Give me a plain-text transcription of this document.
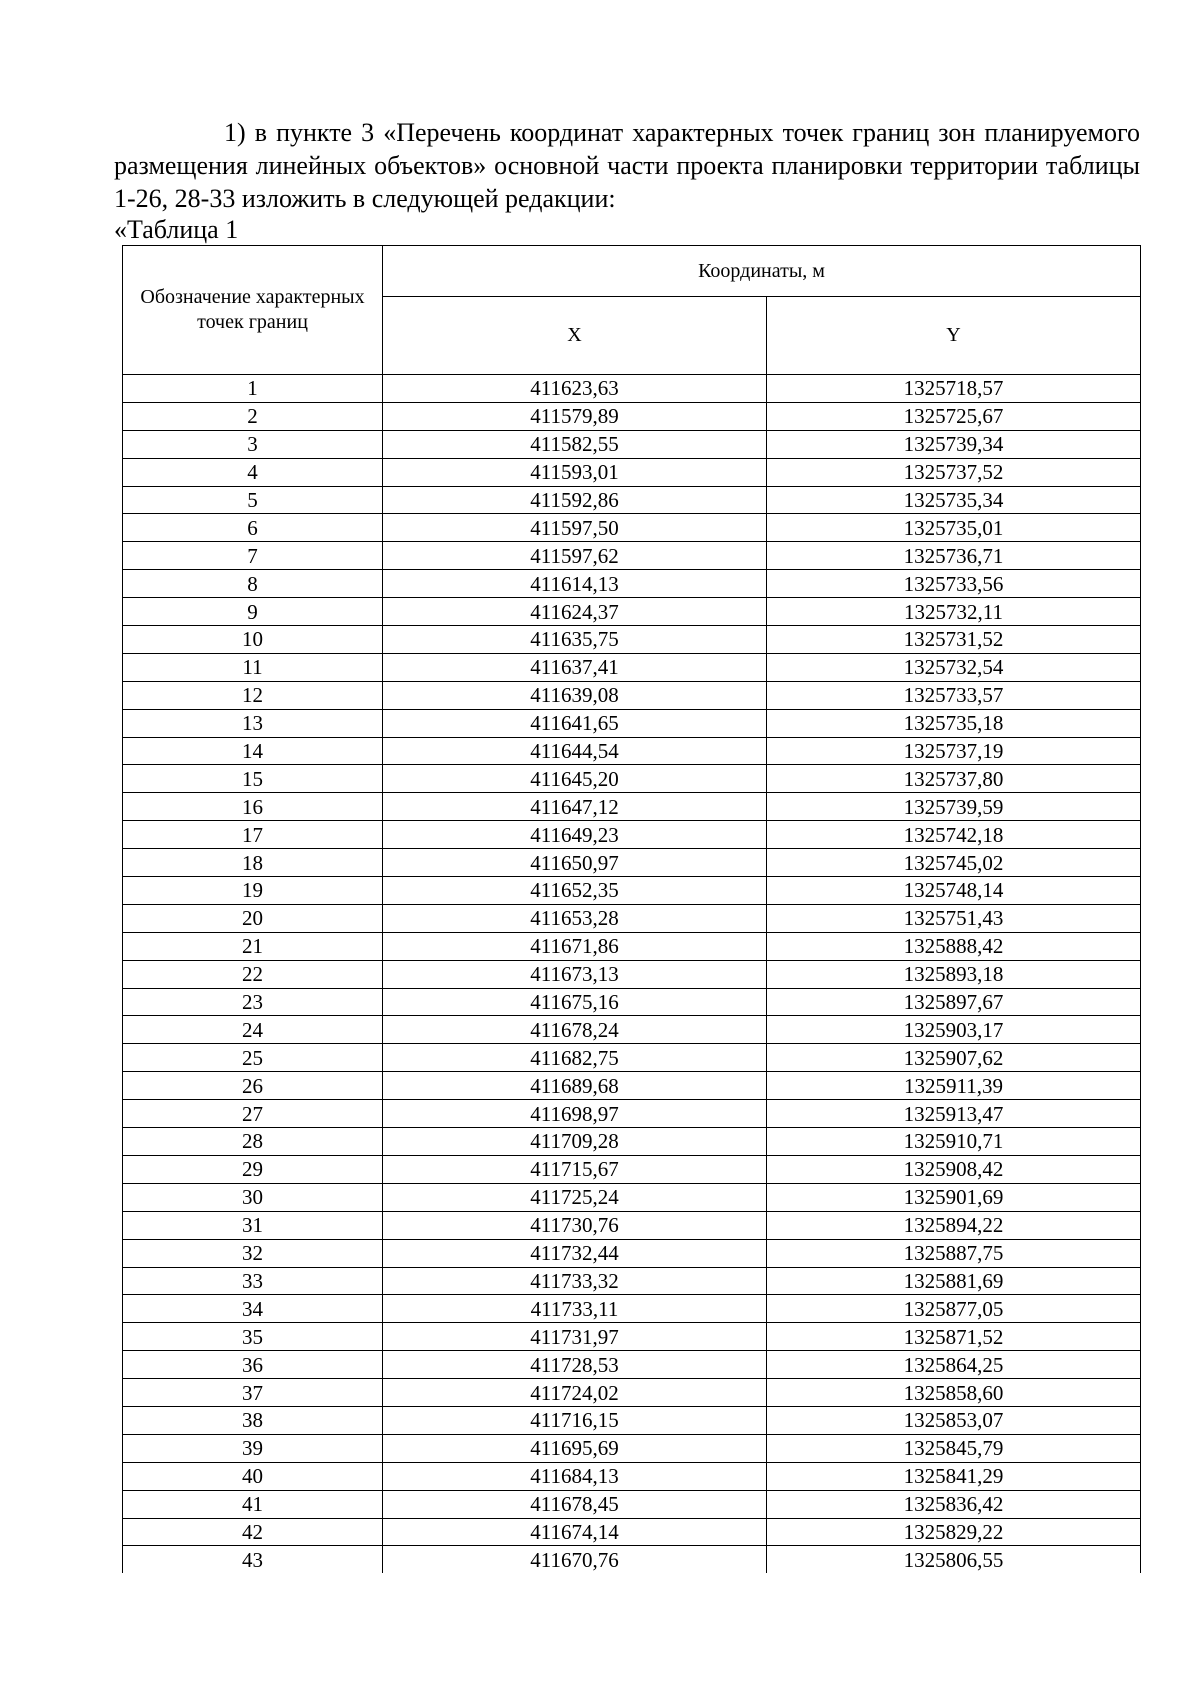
1) в пункте 3 «Перечень координат характерных точек границ зон планируемого размещения линейных объектов» основной части проекта планировки территории таблицы 1-26, 28-33 изложить в следующей редакции:

«Таблица 1
Обозначение характерных точек границ	Координаты, м	
	X	Y
1	411623,63	1325718,57
2	411579,89	1325725,67
3	411582,55	1325739,34
4	411593,01	1325737,52
5	411592,86	1325735,34
6	411597,50	1325735,01
7	411597,62	1325736,71
8	411614,13	1325733,56
9	411624,37	1325732,11
10	411635,75	1325731,52
11	411637,41	1325732,54
12	411639,08	1325733,57
13	411641,65	1325735,18
14	411644,54	1325737,19
15	411645,20	1325737,80
16	411647,12	1325739,59
17	411649,23	1325742,18
18	411650,97	1325745,02
19	411652,35	1325748,14
20	411653,28	1325751,43
21	411671,86	1325888,42
22	411673,13	1325893,18
23	411675,16	1325897,67
24	411678,24	1325903,17
25	411682,75	1325907,62
26	411689,68	1325911,39
27	411698,97	1325913,47
28	411709,28	1325910,71
29	411715,67	1325908,42
30	411725,24	1325901,69
31	411730,76	1325894,22
32	411732,44	1325887,75
33	411733,32	1325881,69
34	411733,11	1325877,05
35	411731,97	1325871,52
36	411728,53	1325864,25
37	411724,02	1325858,60
38	411716,15	1325853,07
39	411695,69	1325845,79
40	411684,13	1325841,29
41	411678,45	1325836,42
42	411674,14	1325829,22
43	411670,76	1325806,55
